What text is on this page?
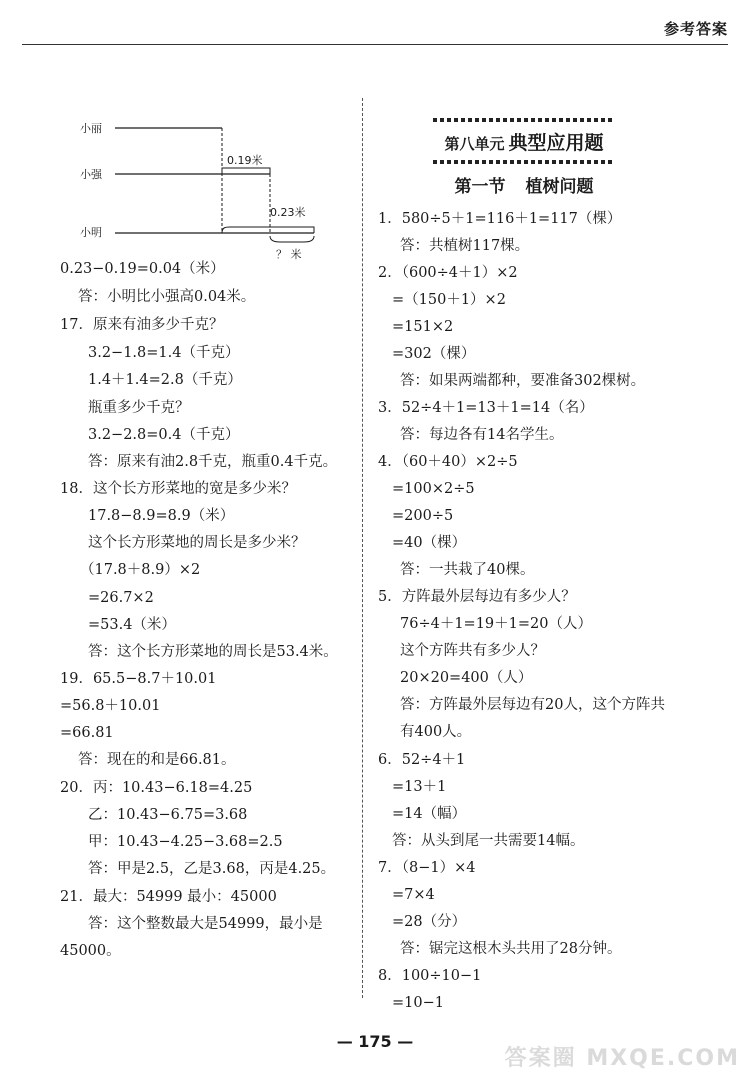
参考答案
小丽
小强
小明
0.19米
0.23米
？ 米
0.23−0.19=0.04（米）
答：小明比小强高0.04米。
17．原来有油多少千克？
3.2−1.8=1.4（千克）
1.4＋1.4=2.8（千克）
瓶重多少千克？
3.2−2.8=0.4（千克）
答：原来有油2.8千克，瓶重0.4千克。
18．这个长方形菜地的宽是多少米？
17.8−8.9=8.9（米）
这个长方形菜地的周长是多少米？
（17.8＋8.9）×2
=26.7×2
=53.4（米）
答：这个长方形菜地的周长是53.4米。
19．65.5−8.7＋10.01
=56.8＋10.01
=66.81
答：现在的和是66.81。
20．丙：10.43−6.18=4.25
乙：10.43−6.75=3.68
甲：10.43−4.25−3.68=2.5
答：甲是2.5，乙是3.68，丙是4.25。
21．最大：54999 最小：45000
答：这个整数最大是54999，最小是
45000。
第八单元 典型应用题
第一节 植树问题
1．580÷5＋1=116＋1=117（棵）
答：共植树117棵。
2．（600÷4＋1）×2
=（150＋1）×2
=151×2
=302（棵）
答：如果两端都种，要准备302棵树。
3．52÷4＋1=13＋1=14（名）
答：每边各有14名学生。
4．（60＋40）×2÷5
=100×2÷5
=200÷5
=40（棵）
答：一共栽了40棵。
5．方阵最外层每边有多少人？
76÷4＋1=19＋1=20（人）
这个方阵共有多少人？
20×20=400（人）
答：方阵最外层每边有20人，这个方阵共
有400人。
6．52÷4＋1
=13＋1
=14（幅）
答：从头到尾一共需要14幅。
7．（8−1）×4
=7×4
=28（分）
答：锯完这根木头共用了28分钟。
8．100÷10−1
=10−1
— 175 —
答案圈 MXQE.COM
